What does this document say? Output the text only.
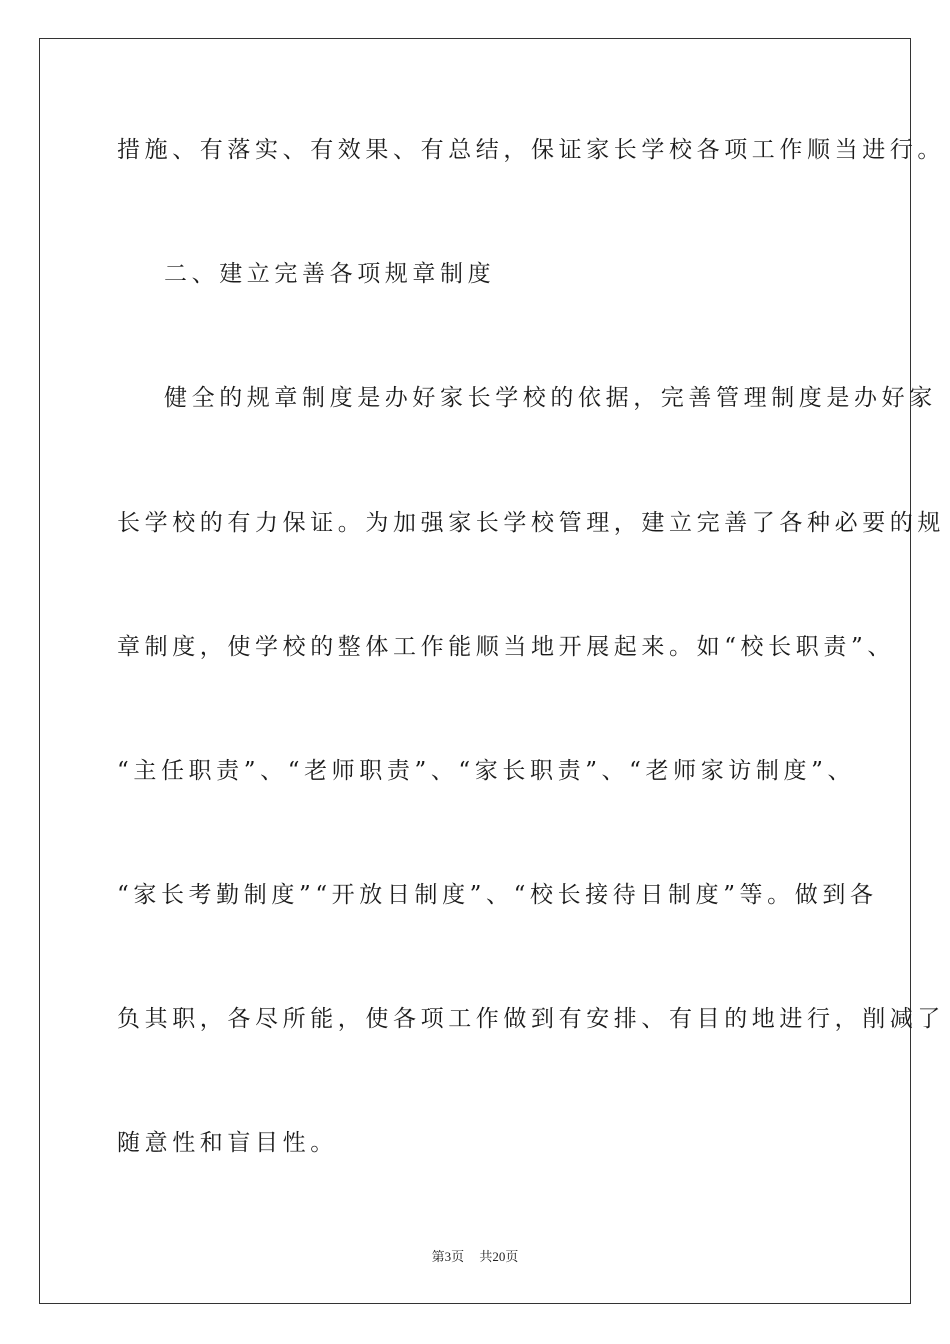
措施、有落实、有效果、有总结，保证家长学校各项工作顺当进行。
二、建立完善各项规章制度
健全的规章制度是办好家长学校的依据，完善管理制度是办好家
长学校的有力保证。为加强家长学校管理，建立完善了各种必要的规
章制度，使学校的整体工作能顺当地开展起来。如“校长职责”、
“主任职责”、“老师职责”、“家长职责”、“老师家访制度”、
“家长考勤制度”“开放日制度”、“校长接待日制度”等。做到各
负其职，各尽所能，使各项工作做到有安排、有目的地进行，削减了
随意性和盲目性。
第3页 共20页
